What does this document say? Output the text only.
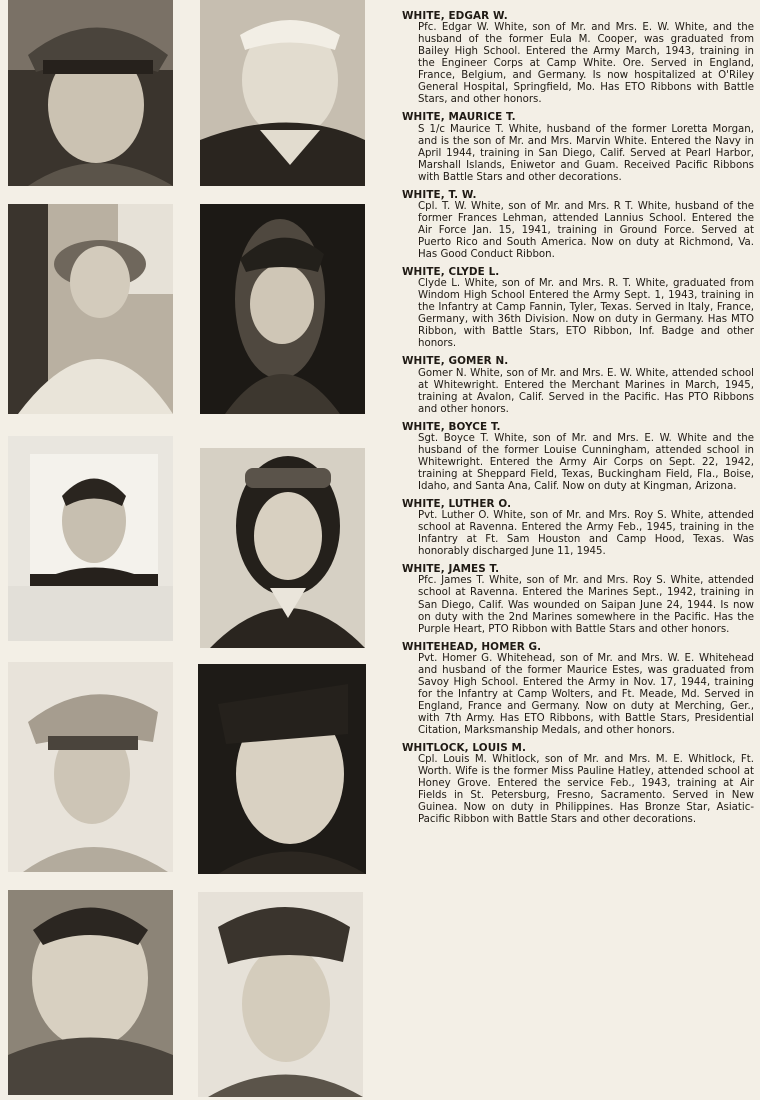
WHITE, EDGAR W.
Pfc. Edgar W. White, son of Mr. and Mrs. E. W. White, and the husband of the former Eula M. Cooper, was graduated from Bailey High School. Entered the Army March, 1943, training in the Engineer Corps at Camp White. Ore. Served in England, France, Belgium, and Germany. Is now hospitalized at O'Riley General Hospital, Springfield, Mo. Has ETO Ribbons with Battle Stars, and other honors.
WHITE, MAURICE T.
S 1/c Maurice T. White, husband of the former Loretta Morgan, and is the son of Mr. and Mrs. Marvin White. Entered the Navy in April 1944, training in San Diego, Calif. Served at Pearl Harbor, Marshall Islands, Eniwetor and Guam. Received Pacific Ribbons with Battle Stars and other decorations.
WHITE, T. W.
Cpl. T. W. White, son of Mr. and Mrs. R T. White, husband of the former Frances Lehman, attended Lannius School. Entered the Air Force Jan. 15, 1941, training in Ground Force. Served at Puerto Rico and South America. Now on duty at Richmond, Va. Has Good Conduct Ribbon.
WHITE, CLYDE L.
Clyde L. White, son of Mr. and Mrs. R. T. White, graduated from Windom High School Entered the Army Sept. 1, 1943, training in the Infantry at Camp Fannin, Tyler, Texas. Served in Italy, France, Germany, with 36th Division. Now on duty in Germany. Has MTO Ribbon, with Battle Stars, ETO Ribbon, Inf. Badge and other honors.
WHITE, GOMER N.
Gomer N. White, son of Mr. and Mrs. E. W. White, attended school at Whitewright. Entered the Merchant Marines in March, 1945, training at Avalon, Calif. Served in the Pacific. Has PTO Ribbons and other honors.
WHITE, BOYCE T.
Sgt. Boyce T. White, son of Mr. and Mrs. E. W. White and the husband of the former Louise Cunningham, attended school in Whitewright. Entered the Army Air Corps on Sept. 22, 1942, training at Sheppard Field, Texas, Buckingham Field, Fla., Boise, Idaho, and Santa Ana, Calif. Now on duty at Kingman, Arizona.
WHITE, LUTHER O.
Pvt. Luther O. White, son of Mr. and Mrs. Roy S. White, attended school at Ravenna. Entered the Army Feb., 1945, training in the Infantry at Ft. Sam Houston and Camp Hood, Texas. Was honorably discharged June 11, 1945.
WHITE, JAMES T.
Pfc. James T. White, son of Mr. and Mrs. Roy S. White, attended school at Ravenna. Entered the Marines Sept., 1942, training in San Diego, Calif. Was wounded on Saipan June 24, 1944. Is now on duty with the 2nd Marines somewhere in the Pacific. Has the Purple Heart, PTO Ribbon with Battle Stars and other honors.
WHITEHEAD, HOMER G.
Pvt. Homer G. Whitehead, son of Mr. and Mrs. W. E. Whitehead and husband of the former Maurice Estes, was graduated from Savoy High School. Entered the Army in Nov. 17, 1944, training for the Infantry at Camp Wolters, and Ft. Meade, Md. Served in England, France and Germany. Now on duty at Merching, Ger., with 7th Army. Has ETO Ribbons, with Battle Stars, Presidential Citation, Marksmanship Medals, and other honors.
WHITLOCK, LOUIS M.
Cpl. Louis M. Whitlock, son of Mr. and Mrs. M. E. Whitlock, Ft. Worth. Wife is the former Miss Pauline Hatley, attended school at Honey Grove. Entered the service Feb., 1943, training at Air Fields in St. Petersburg, Fresno, Sacramento. Served in New Guinea. Now on duty in Philippines. Has Bronze Star, Asiatic-Pacific Ribbon with Battle Stars and other decorations.
